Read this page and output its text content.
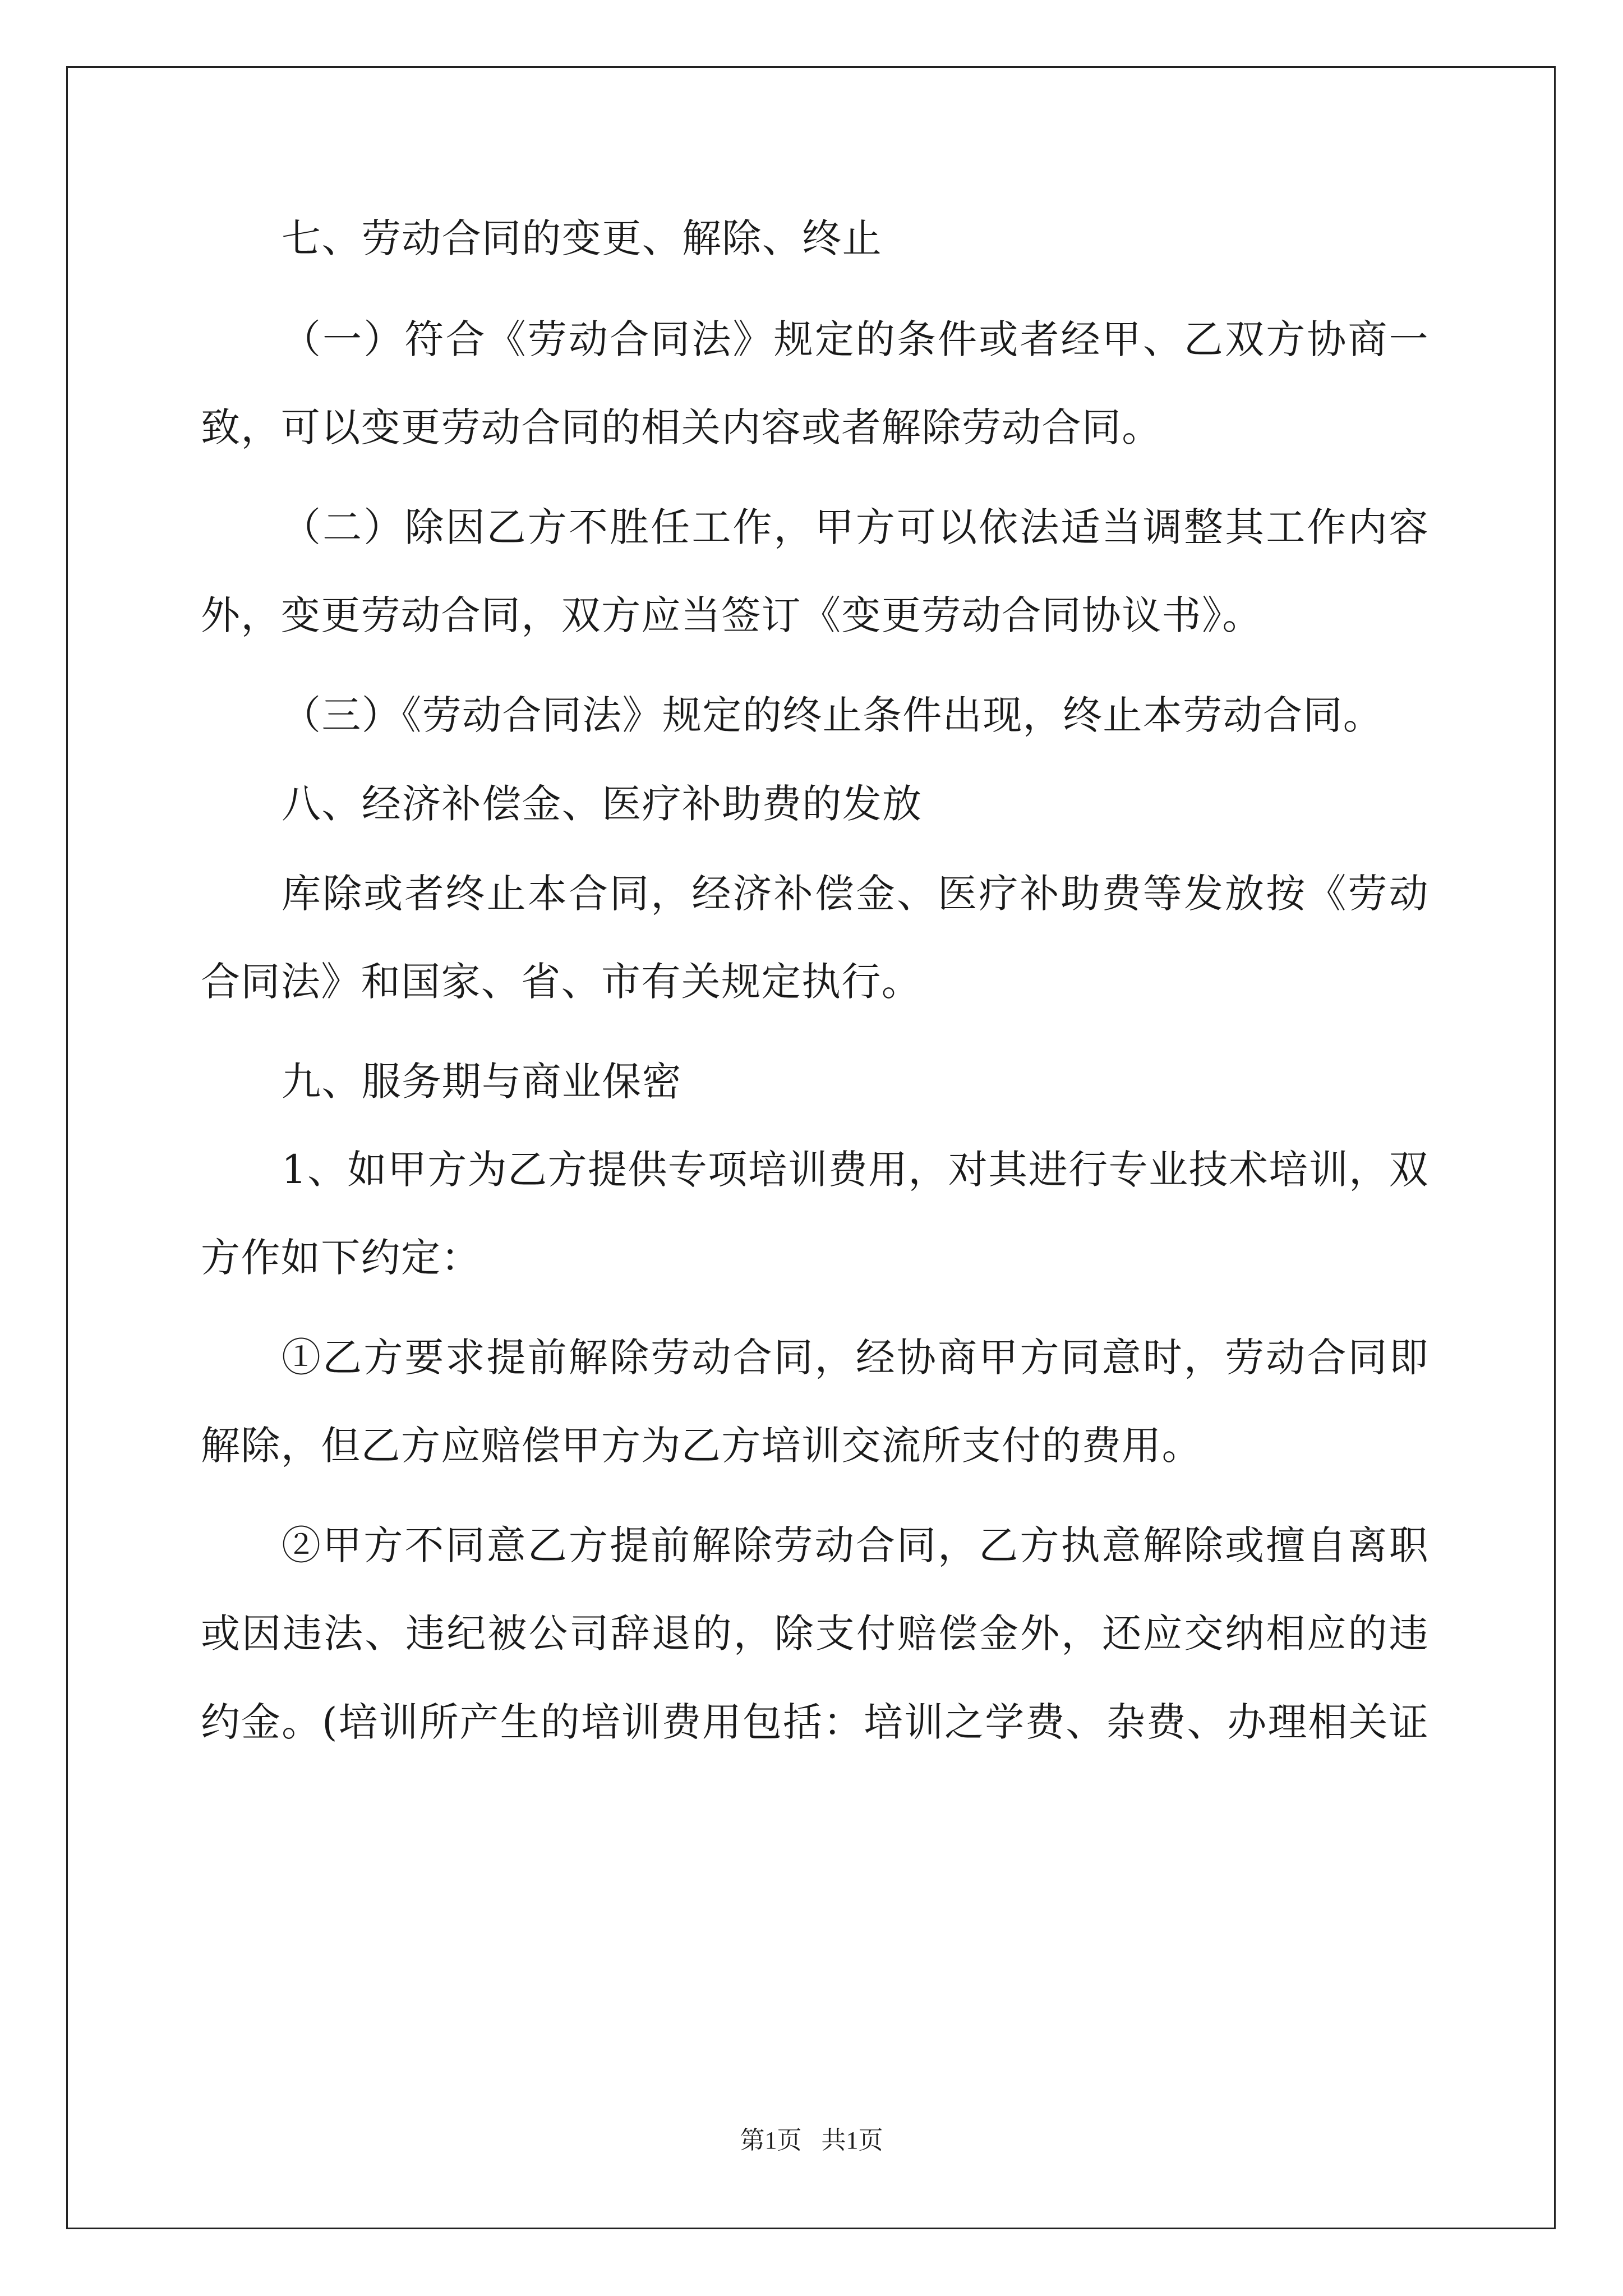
七、劳动合同的变更、解除、终止
（一）符合《劳动合同法》规定的条件或者经甲、乙双方协商一
致，可以变更劳动合同的相关内容或者解除劳动合同。
（二）除因乙方不胜任工作，甲方可以依法适当调整其工作内容
外，变更劳动合同，双方应当签订《变更劳动合同协议书》。
（三）《劳动合同法》规定的终止条件出现，终止本劳动合同。
八、经济补偿金、医疗补助费的发放
库除或者终止本合同，经济补偿金、医疗补助费等发放按《劳动
合同法》和国家、省、市有关规定执行。
九、服务期与商业保密
1、如甲方为乙方提供专项培训费用，对其进行专业技术培训，双
方作如下约定：
①乙方要求提前解除劳动合同，经协商甲方同意时，劳动合同即
解除，但乙方应赔偿甲方为乙方培训交流所支付的费用。
②甲方不同意乙方提前解除劳动合同，乙方执意解除或擅自离职
或因违法、违纪被公司辞退的，除支付赔偿金外，还应交纳相应的违
约金。(培训所产生的培训费用包括：培训之学费、杂费、办理相关证
第1页 共1页
